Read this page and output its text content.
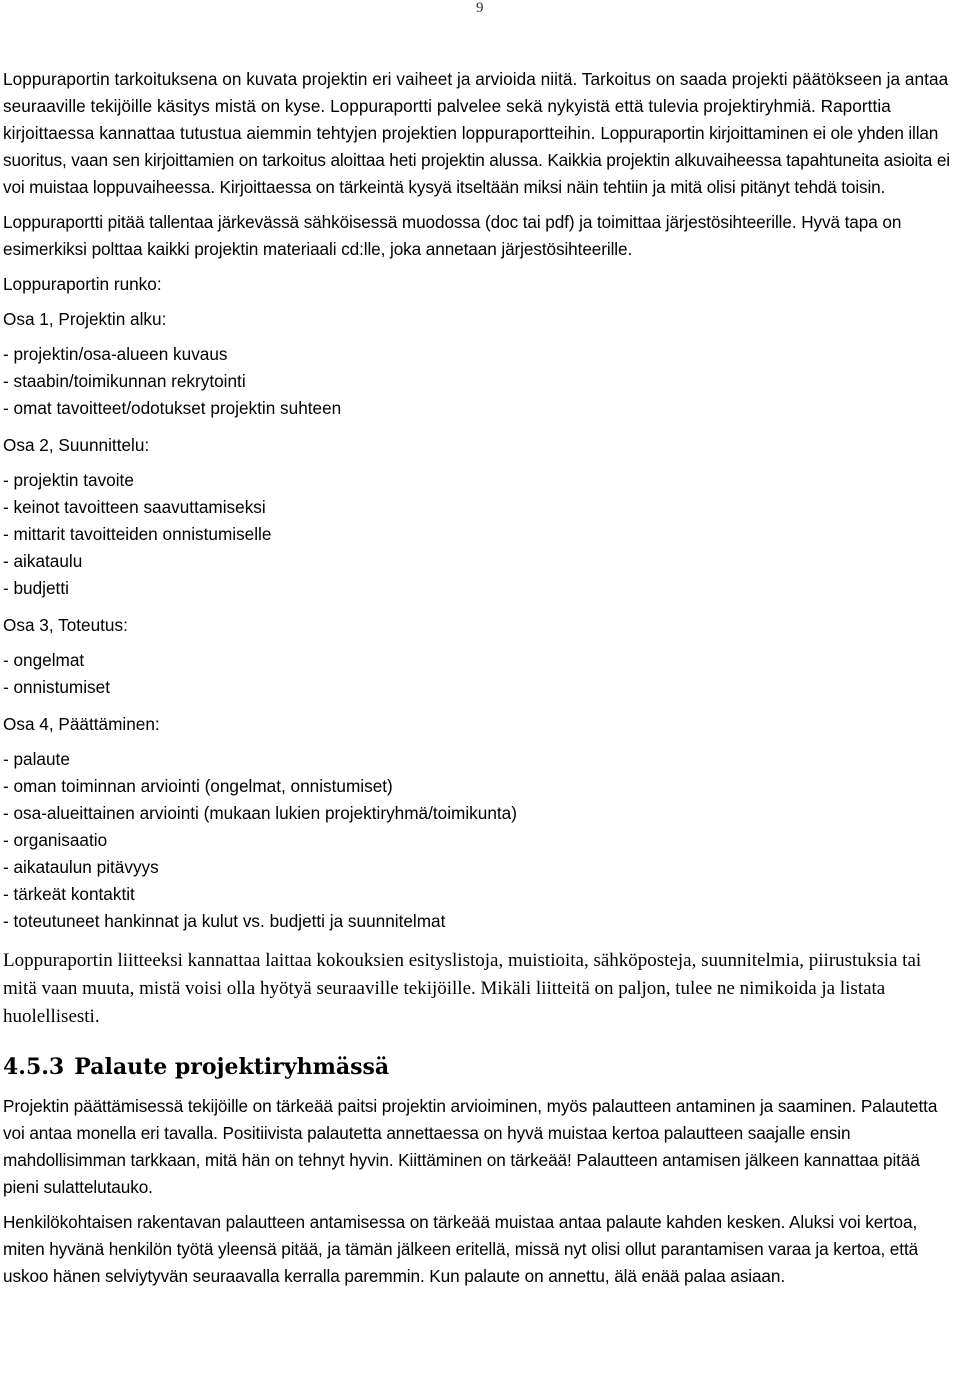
9

Loppuraportin tarkoituksena on kuvata projektin eri vaiheet ja arvioida niitä. Tarkoitus on saada projekti päätökseen ja antaa seuraaville tekijöille käsitys mistä on kyse. Loppuraportti palvelee sekä nykyistä että tulevia projektiryhmiä. Raporttia kirjoittaessa kannattaa tutustua aiemmin tehtyjen projektien loppuraportteihin. Loppuraportin kirjoittaminen ei ole yhden illan suoritus, vaan sen kirjoittamien on tarkoitus aloittaa heti projektin alussa. Kaikkia projektin alkuvaiheessa tapahtuneita asioita ei voi muistaa loppuvaiheessa. Kirjoittaessa on tärkeintä kysyä itseltään miksi näin tehtiin ja mitä olisi pitänyt tehdä toisin.

Loppuraportti pitää tallentaa järkevässä sähköisessä muodossa (doc tai pdf) ja toimittaa järjestösihteerille. Hyvä tapa on esimerkiksi polttaa kaikki projektin materiaali cd:lle, joka annetaan järjestösihteerille.

Loppuraportin runko:

Osa 1, Projektin alku:

- projektin/osa-alueen kuvaus
- staabin/toimikunnan rekrytointi
- omat tavoitteet/odotukset projektin suhteen

Osa 2, Suunnittelu:

- projektin tavoite
- keinot tavoitteen saavuttamiseksi
- mittarit tavoitteiden onnistumiselle
- aikataulu
- budjetti

Osa 3, Toteutus:

- ongelmat
- onnistumiset

Osa 4, Päättäminen:

- palaute
- oman toiminnan arviointi (ongelmat, onnistumiset)
- osa-alueittainen arviointi (mukaan lukien projektiryhmä/toimikunta)
- organisaatio
- aikataulun pitävyys
- tärkeät kontaktit
- toteutuneet hankinnat ja kulut vs. budjetti ja suunnitelmat

Loppuraportin liitteeksi kannattaa laittaa kokouksien esityslistoja, muistioita, sähköposteja, suunnitelmia, piirustuksia tai mitä vaan muuta, mistä voisi olla hyötyä seuraaville tekijöille. Mikäli liitteitä on paljon, tulee ne nimikoida ja listata huolellisesti.

4.5.3 Palaute projektiryhmässä

Projektin päättämisessä tekijöille on tärkeää paitsi projektin arvioiminen, myös palautteen antaminen ja saaminen. Palautetta voi antaa monella eri tavalla. Positiivista palautetta annettaessa on hyvä muistaa kertoa palautteen saajalle ensin mahdollisimman tarkkaan, mitä hän on tehnyt hyvin. Kiittäminen on tärkeää! Palautteen antamisen jälkeen kannattaa pitää pieni sulattelutauko.

Henkilökohtaisen rakentavan palautteen antamisessa on tärkeää muistaa antaa palaute kahden kesken. Aluksi voi kertoa, miten hyvänä henkilön työtä yleensä pitää, ja tämän jälkeen eritellä, missä nyt olisi ollut parantamisen varaa ja kertoa, että uskoo hänen selviytyvän seuraavalla kerralla paremmin. Kun palaute on annettu, älä enää palaa asiaan.
